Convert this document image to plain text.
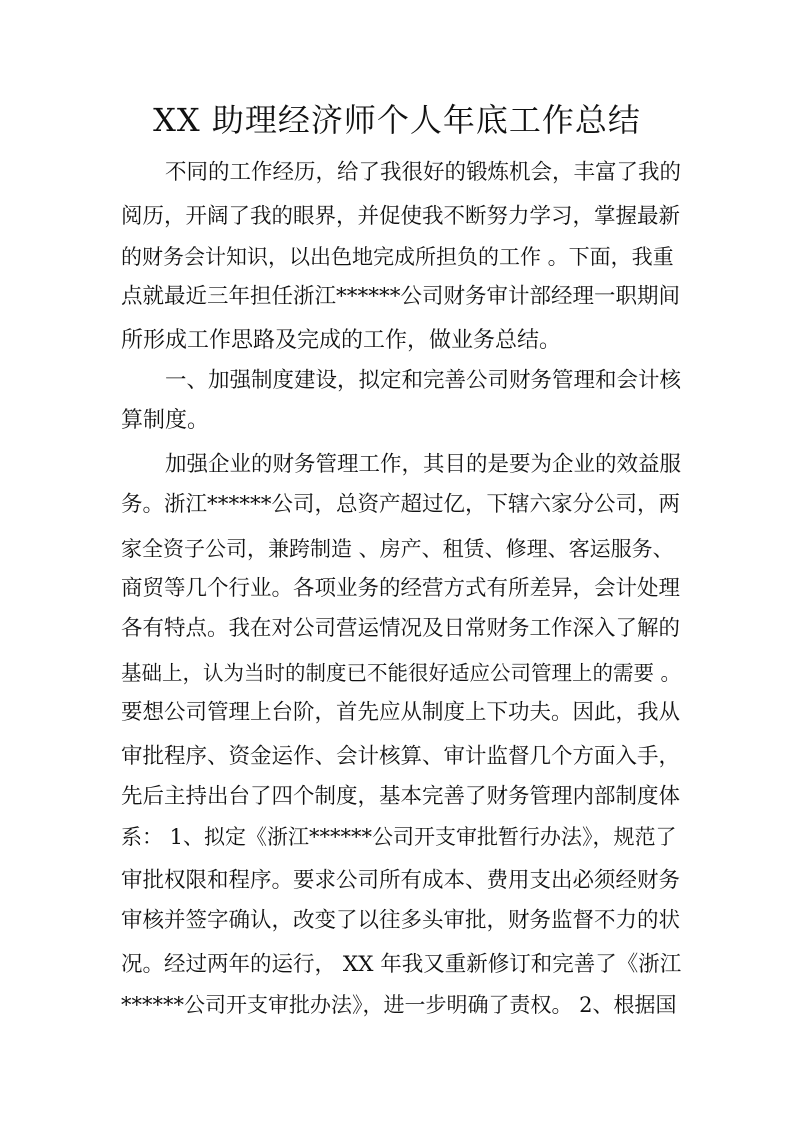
XX 助理经济师个人年底工作总结

不同的工作经历，给了我很好的锻炼机会，丰富了我的

阅历，开阔了我的眼界，并促使我不断努力学习，掌握最新

的财务会计知识，以出色地完成所担负的工作 。下面，我重

点就最近三年担任浙江******公司财务审计部经理一职期间

所形成工作思路及完成的工作，做业务总结。

一、加强制度建设，拟定和完善公司财务管理和会计核

算制度。

加强企业的财务管理工作，其目的是要为企业的效益服

务。浙江******公司，总资产超过亿，下辖六家分公司，两

家全资子公司，兼跨制造 、房产、租赁、修理、客运服务、

商贸等几个行业。各项业务的经营方式有所差异，会计处理

各有特点。我在对公司营运情况及日常财务工作深入了解的

基础上，认为当时的制度已不能很好适应公司管理上的需要 。

要想公司管理上台阶，首先应从制度上下功夫。因此，我从

审批程序、资金运作、会计核算、审计监督几个方面入手，

先后主持出台了四个制度，基本完善了财务管理内部制度体

系： 1、拟定《浙江******公司开支审批暂行办法》，规范了

审批权限和程序。要求公司所有成本、费用支出必须经财务

审核并签字确认，改变了以往多头审批，财务监督不力的状

况。经过两年的运行， XX 年我又重新修订和完善了《浙江

******公司开支审批办法》，进一步明确了责权。 2、根据国
